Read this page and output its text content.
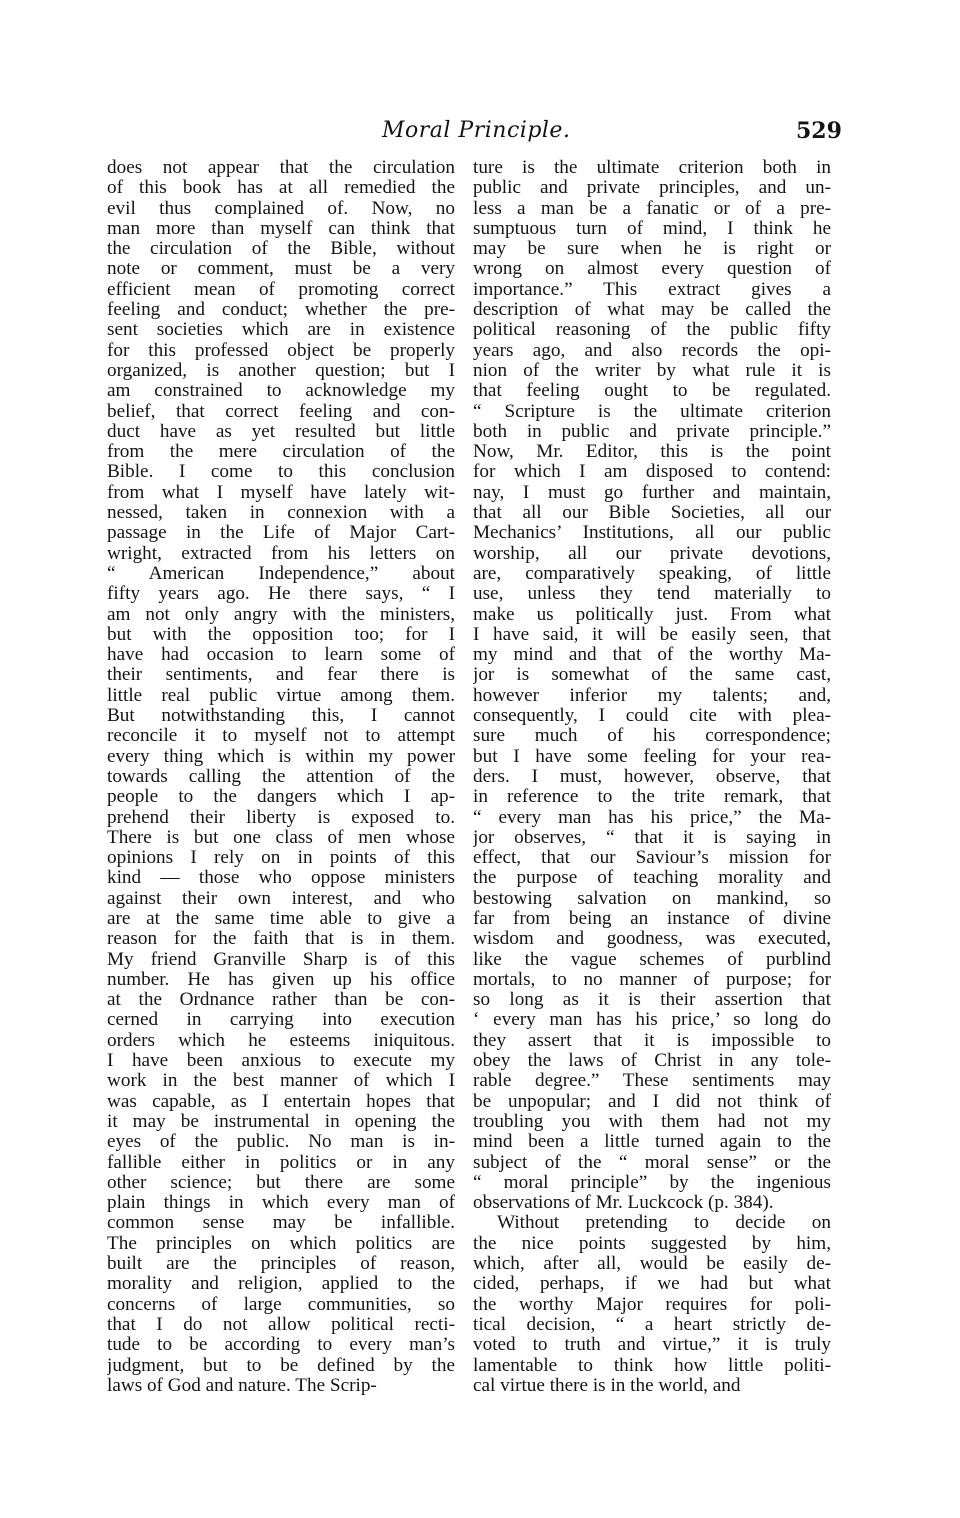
Moral Principle.	529
does not appear that the circulation
of this book has at all remedied the
evil thus complained of. Now, no
man more than myself can think that
the circulation of the Bible, without
note or comment, must be a very
efficient mean of promoting correct
feeling and conduct; whether the pre-
sent societies which are in existence
for this professed object be properly
organized, is another question; but I
am constrained to acknowledge my
belief, that correct feeling and con-
duct have as yet resulted but little
from the mere circulation of the
Bible. I come to this conclusion
from what I myself have lately wit-
nessed, taken in connexion with a
passage in the Life of Major Cart-
wright, extracted from his letters on
“ American Independence,” about
fifty years ago. He there says, “ I
am not only angry with the ministers,
but with the opposition too; for I
have had occasion to learn some of
their sentiments, and fear there is
little real public virtue among them.
But notwithstanding this, I cannot
reconcile it to myself not to attempt
every thing which is within my power
towards calling the attention of the
people to the dangers which I ap-
prehend their liberty is exposed to.
There is but one class of men whose
opinions I rely on in points of this
kind — those who oppose ministers
against their own interest, and who
are at the same time able to give a
reason for the faith that is in them.
My friend Granville Sharp is of this
number. He has given up his office
at the Ordnance rather than be con-
cerned in carrying into execution
orders which he esteems iniquitous.
I have been anxious to execute my
work in the best manner of which I
was capable, as I entertain hopes that
it may be instrumental in opening the
eyes of the public. No man is in-
fallible either in politics or in any
other science; but there are some
plain things in which every man of
common sense may be infallible.
The principles on which politics are
built are the principles of reason,
morality and religion, applied to the
concerns of large communities, so
that I do not allow political recti-
tude to be according to every man’s
judgment, but to be defined by the
laws of God and nature. The Scrip-
ture is the ultimate criterion both in
public and private principles, and un-
less a man be a fanatic or of a pre-
sumptuous turn of mind, I think he
may be sure when he is right or
wrong on almost every question of
importance.” This extract gives a
description of what may be called the
political reasoning of the public fifty
years ago, and also records the opi-
nion of the writer by what rule it is
that feeling ought to be regulated.
“ Scripture is the ultimate criterion
both in public and private principle.”
Now, Mr. Editor, this is the point
for which I am disposed to contend:
nay, I must go further and maintain,
that all our Bible Societies, all our
Mechanics’ Institutions, all our public
worship, all our private devotions,
are, comparatively speaking, of little
use, unless they tend materially to
make us politically just. From what
I have said, it will be easily seen, that
my mind and that of the worthy Ma-
jor is somewhat of the same cast,
however inferior my talents; and,
consequently, I could cite with plea-
sure much of his correspondence;
but I have some feeling for your rea-
ders. I must, however, observe, that
in reference to the trite remark, that
“ every man has his price,” the Ma-
jor observes, “ that it is saying in
effect, that our Saviour’s mission for
the purpose of teaching morality and
bestowing salvation on mankind, so
far from being an instance of divine
wisdom and goodness, was executed,
like the vague schemes of purblind
mortals, to no manner of purpose; for
so long as it is their assertion that
‘ every man has his price,’ so long do
they assert that it is impossible to
obey the laws of Christ in any tole-
rable degree.” These sentiments may
be unpopular; and I did not think of
troubling you with them had not my
mind been a little turned again to the
subject of the “ moral sense” or the
“ moral principle” by the ingenious
observations of Mr. Luckcock (p. 384).
Without pretending to decide on
the nice points suggested by him,
which, after all, would be easily de-
cided, perhaps, if we had but what
the worthy Major requires for poli-
tical decision, “ a heart strictly de-
voted to truth and virtue,” it is truly
lamentable to think how little politi-
cal virtue there is in the world, and
